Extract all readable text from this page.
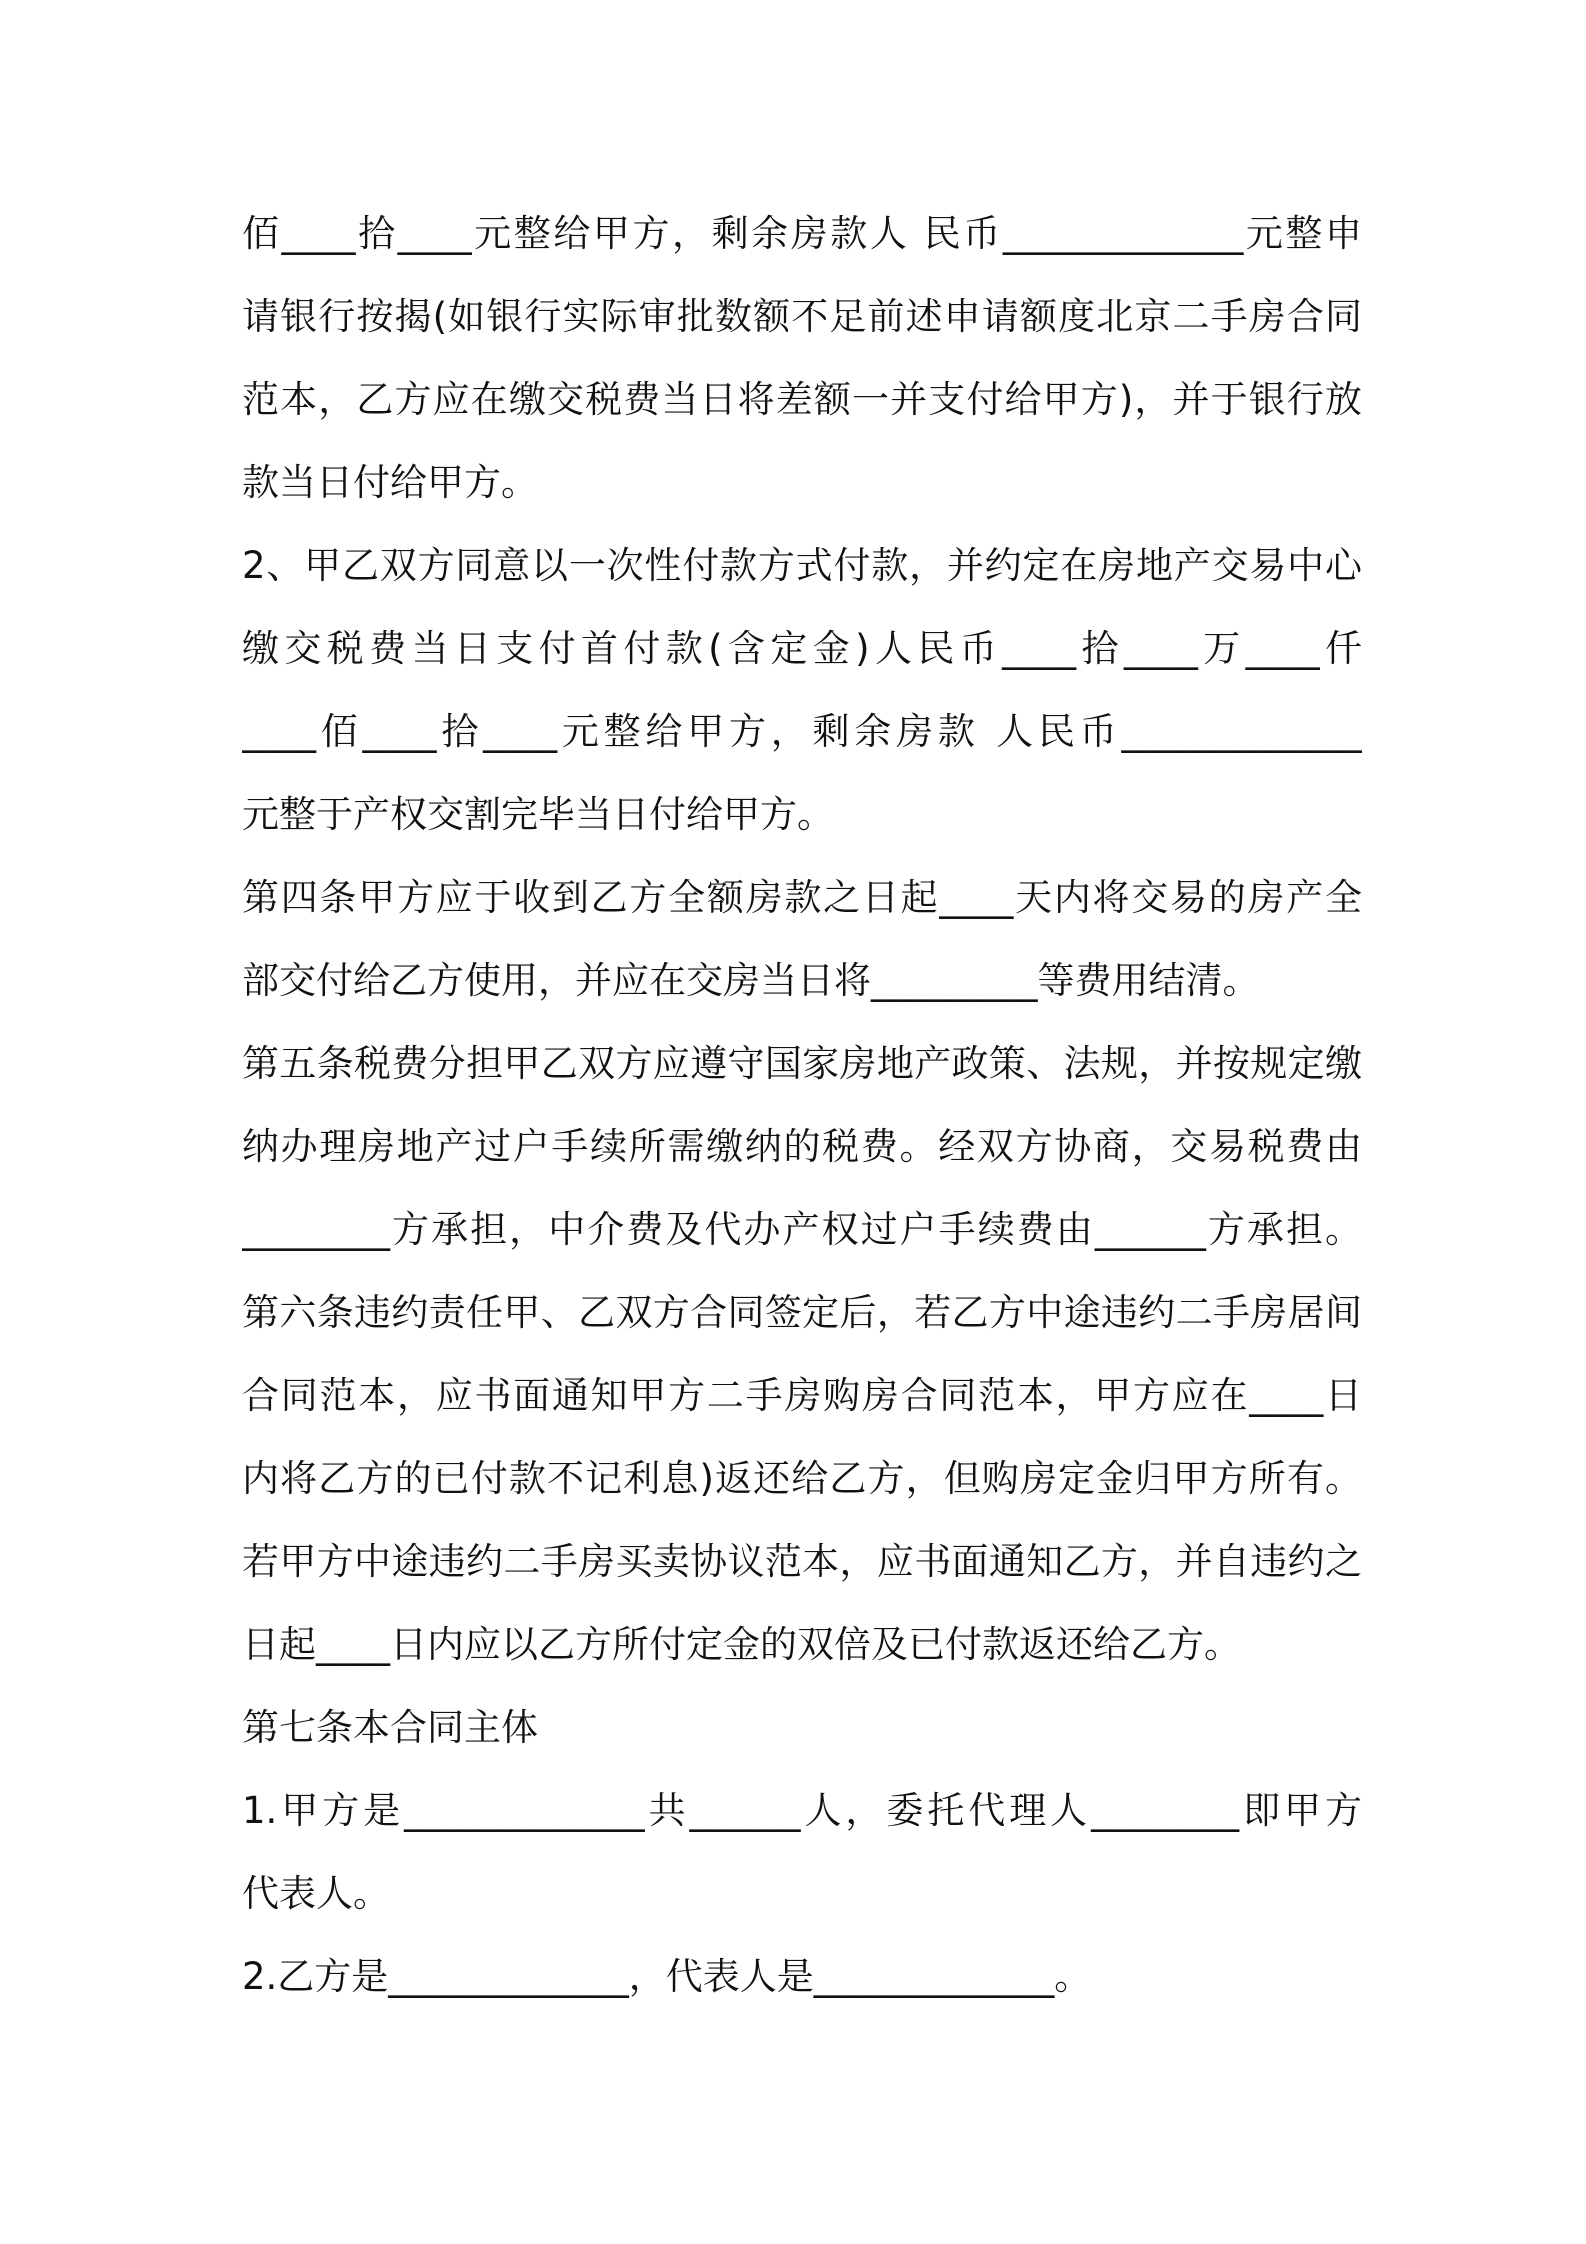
佰____拾____元整给甲方，剩余房款人 民币_____________元整申
请银行按揭(如银行实际审批数额不足前述申请额度北京二手房合同
范本，乙方应在缴交税费当日将差额一并支付给甲方)，并于银行放
款当日付给甲方。
2、甲乙双方同意以一次性付款方式付款，并约定在房地产交易中心
缴交税费当日支付首付款(含定金)人民币____拾____万____仟
____佰____拾____元整给甲方，剩余房款 人民币_____________
元整于产权交割完毕当日付给甲方。
第四条甲方应于收到乙方全额房款之日起____天内将交易的房产全
部交付给乙方使用，并应在交房当日将_________等费用结清。
第五条税费分担甲乙双方应遵守国家房地产政策、法规，并按规定缴
纳办理房地产过户手续所需缴纳的税费。经双方协商，交易税费由
________方承担，中介费及代办产权过户手续费由______方承担。
第六条违约责任甲、乙双方合同签定后，若乙方中途违约二手房居间
合同范本，应书面通知甲方二手房购房合同范本，甲方应在____日
内将乙方的已付款不记利息)返还给乙方，但购房定金归甲方所有。
若甲方中途违约二手房买卖协议范本，应书面通知乙方，并自违约之
日起____日内应以乙方所付定金的双倍及已付款返还给乙方。
第七条本合同主体
1.甲方是_____________共______人，委托代理人________即甲方
代表人。
2.乙方是_____________，代表人是_____________。
